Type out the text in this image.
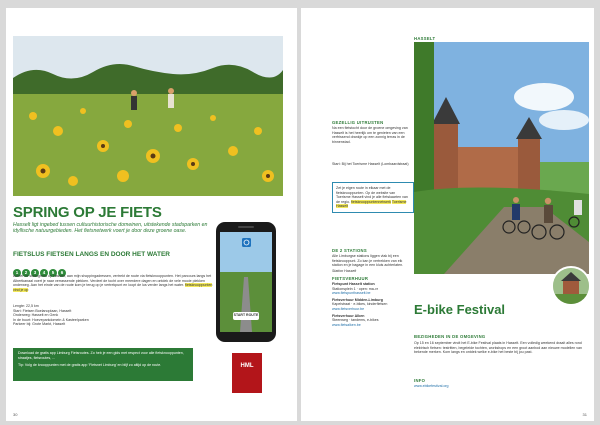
SPRING OP JE FIETS
Hasselt ligt ingebed tussen cultuurhistorische domeinen, uitstekende stadsparken en idyllische natuurgebieden. Het fietsnetwerk voert je door deze groene oase.
FIETSLUS FIETSEN LANGS EN DOOR HET WATER
1 2 3 4 5 6
Achter de stadsgrens op Hasselt, aan mijn shoppingadressen, vertrekt de route via fietsknooppunten. Het parcours langs het Albertkanaal voert je naar verrassende plekken. Verdeel de tocht over meerdere dagen en ontdek de vele mooie plekken onderweg. Aan het einde van de route kom je terug op je vertrekpunt en loopt de lus verder langs het water. fietsknooppunten vind je op
Lengte: 22,5 km
Start: Fietsen Boelanoplaan, Hasselt
Onderweg: Hasselt en Genk
In de buurt: Hoeveparkdomein & Kasteelparken
Parkeer bij: Grote Markt, Hasselt
START ROUTE
Download de gratis app Limburg Fietsroutes. Zo heb je een gids met respect voor alle fietsknooppunten, straatjes, fietsroutes, ...
Tip: Volg de knooppunten met de gratis app 'Fietsnet Limburg' en blijf zo altijd op de route.	HML
30
HASSELT
GEZELLIG UITRUSTEN
Na een fietstocht door de groene omgeving van Hasselt is het heerlijk om te genieten van een verfrissend drankje op een zonnig terras in de binnenstad.
Start: Bij het Toerisme Hasselt (Lombaardstraat)
Zet je eigen route in elkaar met de fietsknooppunten. Op de website van Toerisme Hasselt vind je alle fietskaarten van de regio. fietsknooppuntennetwerk Toerisme Hasselt
DE 2 STATIONS
Alle Limburgse stations liggen vlak bij een fietsknooppunt. Zo kan je vertrekken van elk station en je bagage in een kluis achterlaten.
Station Hasselt
FIETSVERHUUR
Fietspunt Hasselt station
Stationsplein 1 · open: ma-vr
www.fietspunthasselt.be
Fietsverhuur Midden-Limburg
Kapelstraat · e-bikes, kinderfietsen
www.fietsverhuur.be
Fietsverhuur Alken
Steenweg · tandems, e-bikes
www.fietsalken.be
E-bike Festival
BEZIGHEDEN IN DE OMGEVING
Op 15 en 16 september vindt het E-bike Festival plaats in Hasselt. Een volledig weekend draait alles rond elektrisch fietsen: testritten, begeleide tochten, workshops en een groot aanbod aan nieuwe modellen van bekende merken. Kom langs en ontdek welke e-bike het beste bij jou past.
INFO
www.ebikefestival.org
31
